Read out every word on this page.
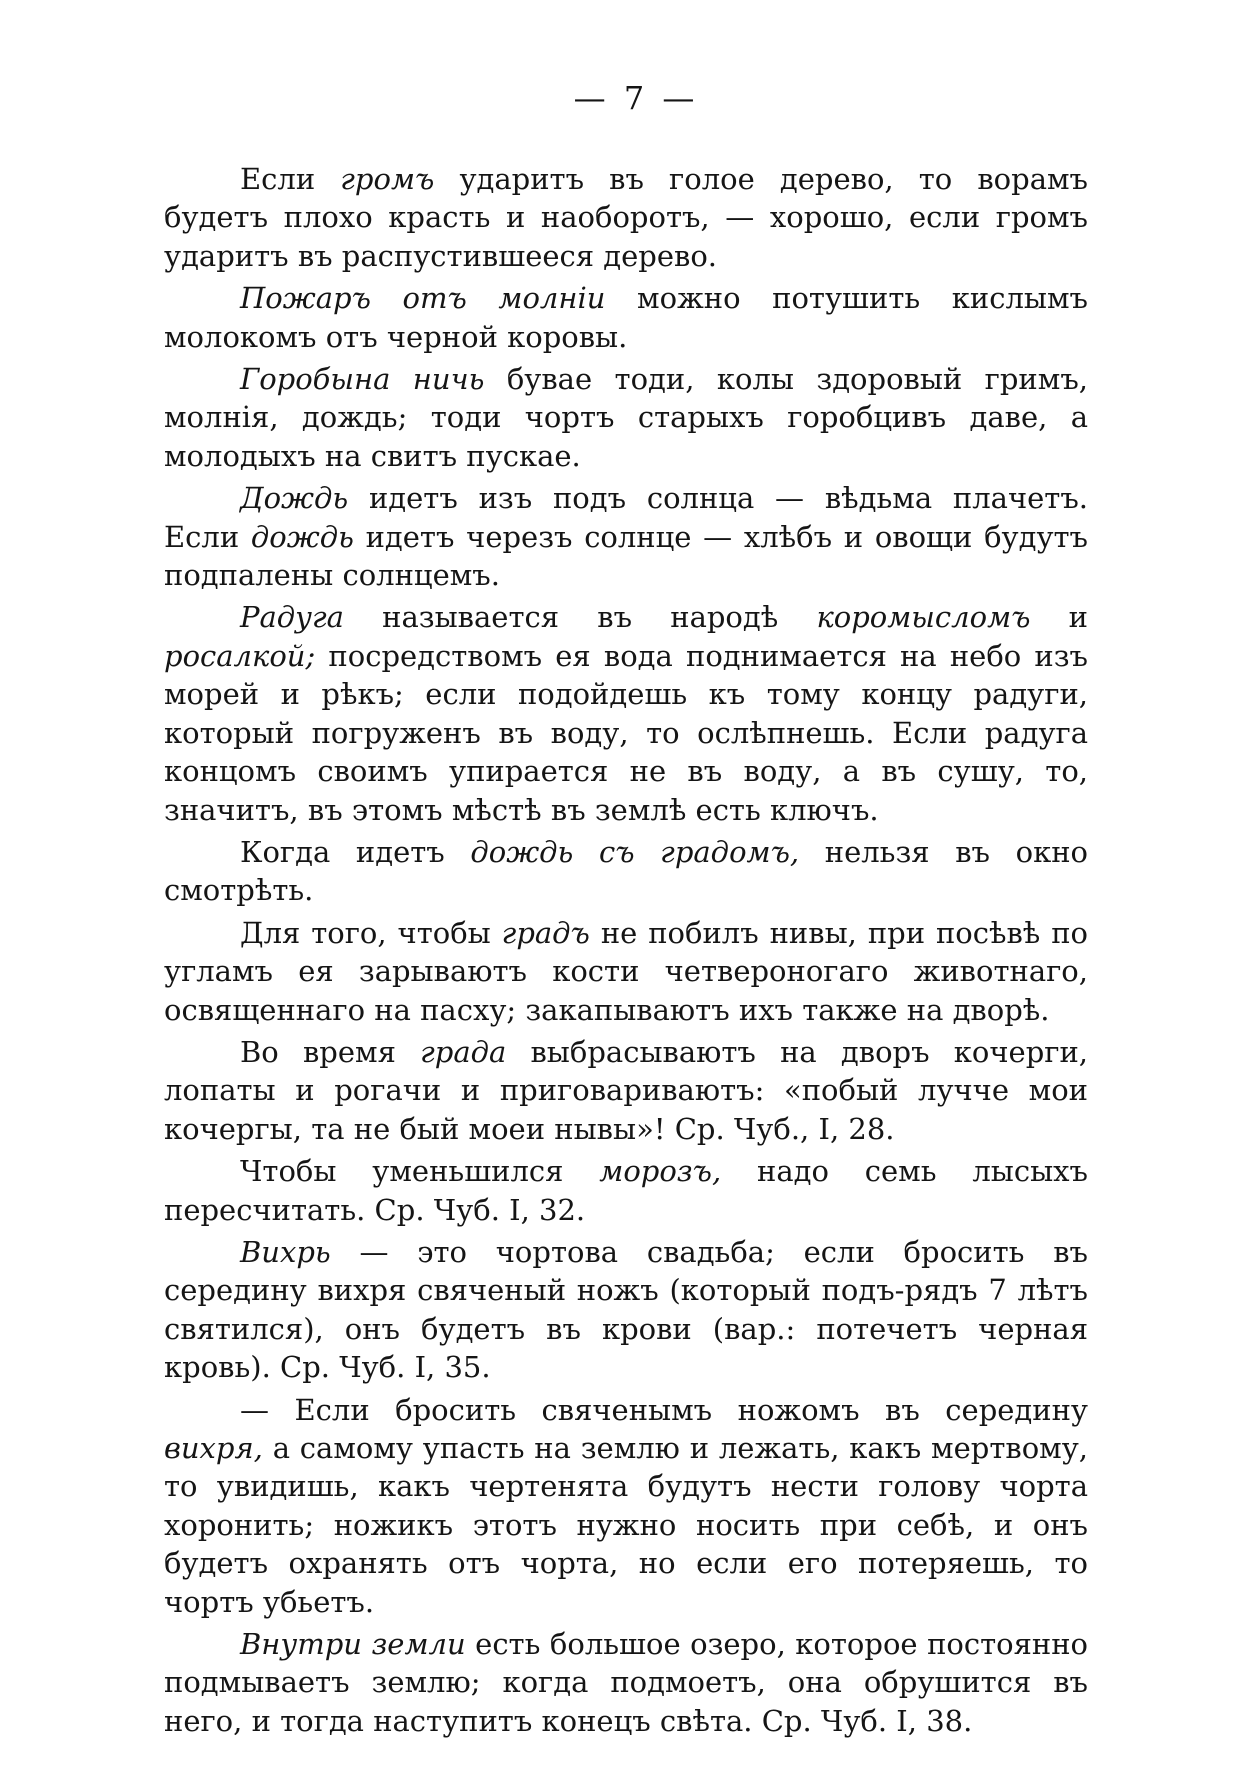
— 7 —

Если громъ ударитъ въ голое дерево, то ворамъ будетъ плохо красть и наоборотъ, — хорошо, если громъ ударитъ въ распустившееся дерево.

Пожаръ отъ молнiи можно потушить кислымъ молокомъ отъ черной коровы.

Горобына ничь бувае тоди, колы здоровый гримъ, молнія, дождь; тоди чортъ старыхъ горобцивъ даве, а молодыхъ на свитъ пускае.

Дождь идетъ изъ подъ солнца — вѣдьма плачетъ. Если дождь идетъ черезъ солнце — хлѣбъ и овощи будутъ подпалены солнцемъ.

Радуга называется въ народѣ коромысломъ и росалкой; посредствомъ ея вода поднимается на небо изъ морей и рѣкъ; если подойдешь къ тому концу радуги, который погруженъ въ воду, то ослѣпнешь. Если радуга концомъ своимъ упирается не въ воду, а въ сушу, то, значитъ, въ этомъ мѣстѣ въ землѣ есть ключъ.

Когда идетъ дождь съ градомъ, нельзя въ окно смотрѣть.

Для того, чтобы градъ не побилъ нивы, при посѣвѣ по угламъ ея зарываютъ кости четвероногаго животнаго, освященнаго на пасху; закапываютъ ихъ также на дворѣ.

Во время града выбрасываютъ на дворъ кочерги, лопаты и рогачи и приговариваютъ: «побый лучче мои кочергы, та не бый моеи нывы»! Ср. Чуб., I, 28.

Чтобы уменьшился морозъ, надо семь лысыхъ пересчитать. Ср. Чуб. I, 32.

Вихрь — это чортова свадьба; если бросить въ середину вихря свяченый ножъ (который подъ-рядъ 7 лѣтъ святился), онъ будетъ въ крови (вар.: потечетъ черная кровь). Ср. Чуб. I, 35.

— Если бросить свяченымъ ножомъ въ середину вихря, а самому упасть на землю и лежать, какъ мертвому, то увидишь, какъ чертенята будутъ нести голову чорта хоронить; ножикъ этотъ нужно носить при себѣ, и онъ будетъ охранять отъ чорта, но если его потеряешь, то чортъ убьетъ.

Внутри земли есть большое озеро, которое постоянно подмываетъ землю; когда подмоетъ, она обрушится въ него, и тогда наступитъ конецъ свѣта. Ср. Чуб. I, 38.
